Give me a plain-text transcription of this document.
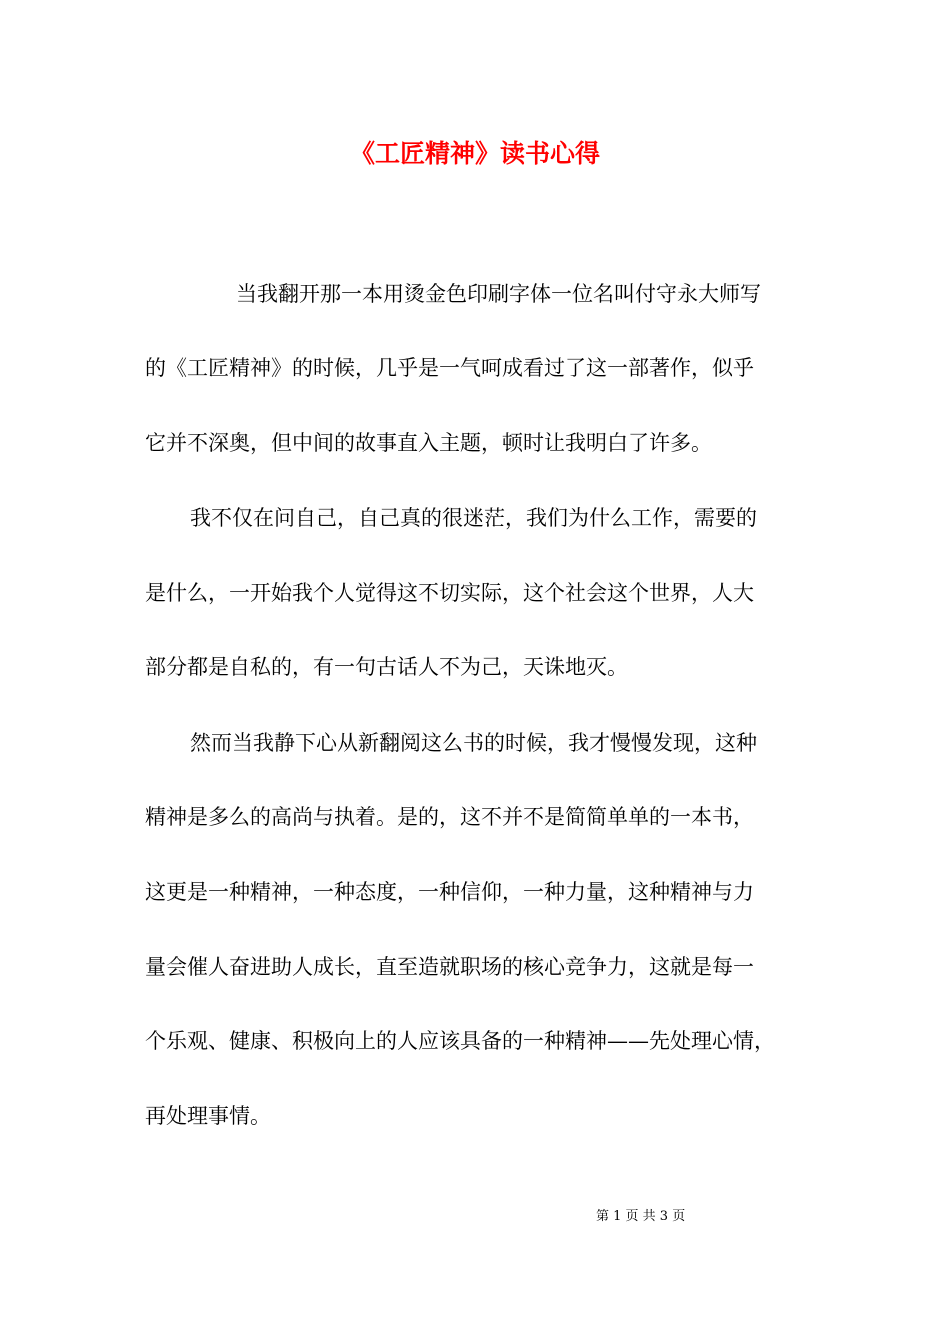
《工匠精神》读书心得
当我翻开那一本用烫金色印刷字体一位名叫付守永大师写
的《工匠精神》的时候，几乎是一气呵成看过了这一部著作，似乎
它并不深奥，但中间的故事直入主题，顿时让我明白了许多。
我不仅在问自己，自己真的很迷茫，我们为什么工作，需要的
是什么，一开始我个人觉得这不切实际，这个社会这个世界，人大
部分都是自私的，有一句古话人不为己，天诛地灭。
然而当我静下心从新翻阅这么书的时候，我才慢慢发现，这种
精神是多么的高尚与执着。是的，这不并不是简简单单的一本书，
这更是一种精神，一种态度，一种信仰，一种力量，这种精神与力
量会催人奋进助人成长，直至造就职场的核心竞争力，这就是每一
个乐观、健康、积极向上的人应该具备的一种精神——先处理心情，
再处理事情。
第 1 页 共 3 页
